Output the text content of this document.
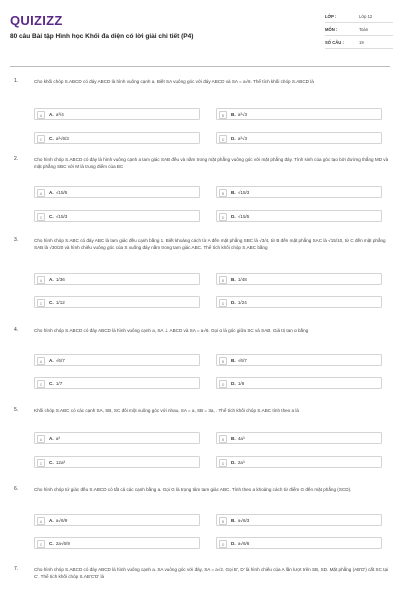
QUIZIZZ
80 câu Bài tập Hình học Khối đa diện có lời giải chi tiết (P4)
LỚP :	Lớp 12
MÔN :	Toán
SỐ CÂU :	19
1.	Cho khối chóp S.ABCD có đáy ABCD là hình vuông cạnh a. Biết SA vuông góc với đáy ABCD và SA = a√6. Thể tích khối chóp S.ABCD là
A	A. a³/4	B	B. a³√3
C	C. a³√6/3	D	D. a³√3
2.	Cho hình chóp S.ABCD có đáy là hình vuông cạnh a tam giác SAB đều và nằm trong mặt phẳng vuông góc với mặt phẳng đáy. Tính sinh của góc tạo bởi đường thẳng MD và mặt phẳng SBC với M là trung điểm của BC
A	A. √15/5	B	B. √15/3
C	C. √15/3	D	D. √15/5
3.	Cho hình chóp S.ABC có đáy ABC là tam giác đều cạnh bằng 1. Biết khoảng cách từ A đến mặt phẳng SBC là √3/4, từ B đến mặt phẳng SAC là √15/10, từ C đến mặt phẳng SAB là √30/20 và hình chiếu vuông góc của S xuống đáy nằm trong tam giác ABC. Thể tích khối chóp S.ABC bằng
A	A. 1/36	B	B. 1/48
C	C. 1/12	D	D. 1/24
4.	Cho hình chóp S.ABCD có đáy ABCD là hình vuông cạnh a, SA ⊥ ABCD và SA = a√6. Gọi α là góc giữa SC và SAB. Giá trị tan α bằng
A	A. √6/7	B	B. √6/7
C	C. 1/7	D	D. 1/6
5.	Khối chóp S.ABC có các cạnh SA, SB, SC đôi một vuông góc với nhau, SA = a, SB = 3a, . Thể tích khối chóp S.ABC tính theo a là
A	A. a³	B	B. 4a³
C	C. 12a³	D	D. 2a³
6.	Cho hình chóp tứ giác đều S.ABCD có tất cả các cạnh bằng a. Gọi G là trọng tâm tam giác ABC. Tính theo a khoảng cách từ điểm G đến mặt phẳng (SCD).
A	A. a√6/9	B	B. a√6/3
C	C. 2a√6/9	D	D. a√6/6
7.	Cho hình chóp S.ABCD có đáy ABCD là hình vuông cạnh a. SA vuông góc với đáy, SA = a√2. Gọi B', D' là hình chiếu của A lần lượt trên SB, SD. Mặt phẳng (AB'D') cắt SC tại C'. Thể tích khối chóp S.AB'C'D' là
